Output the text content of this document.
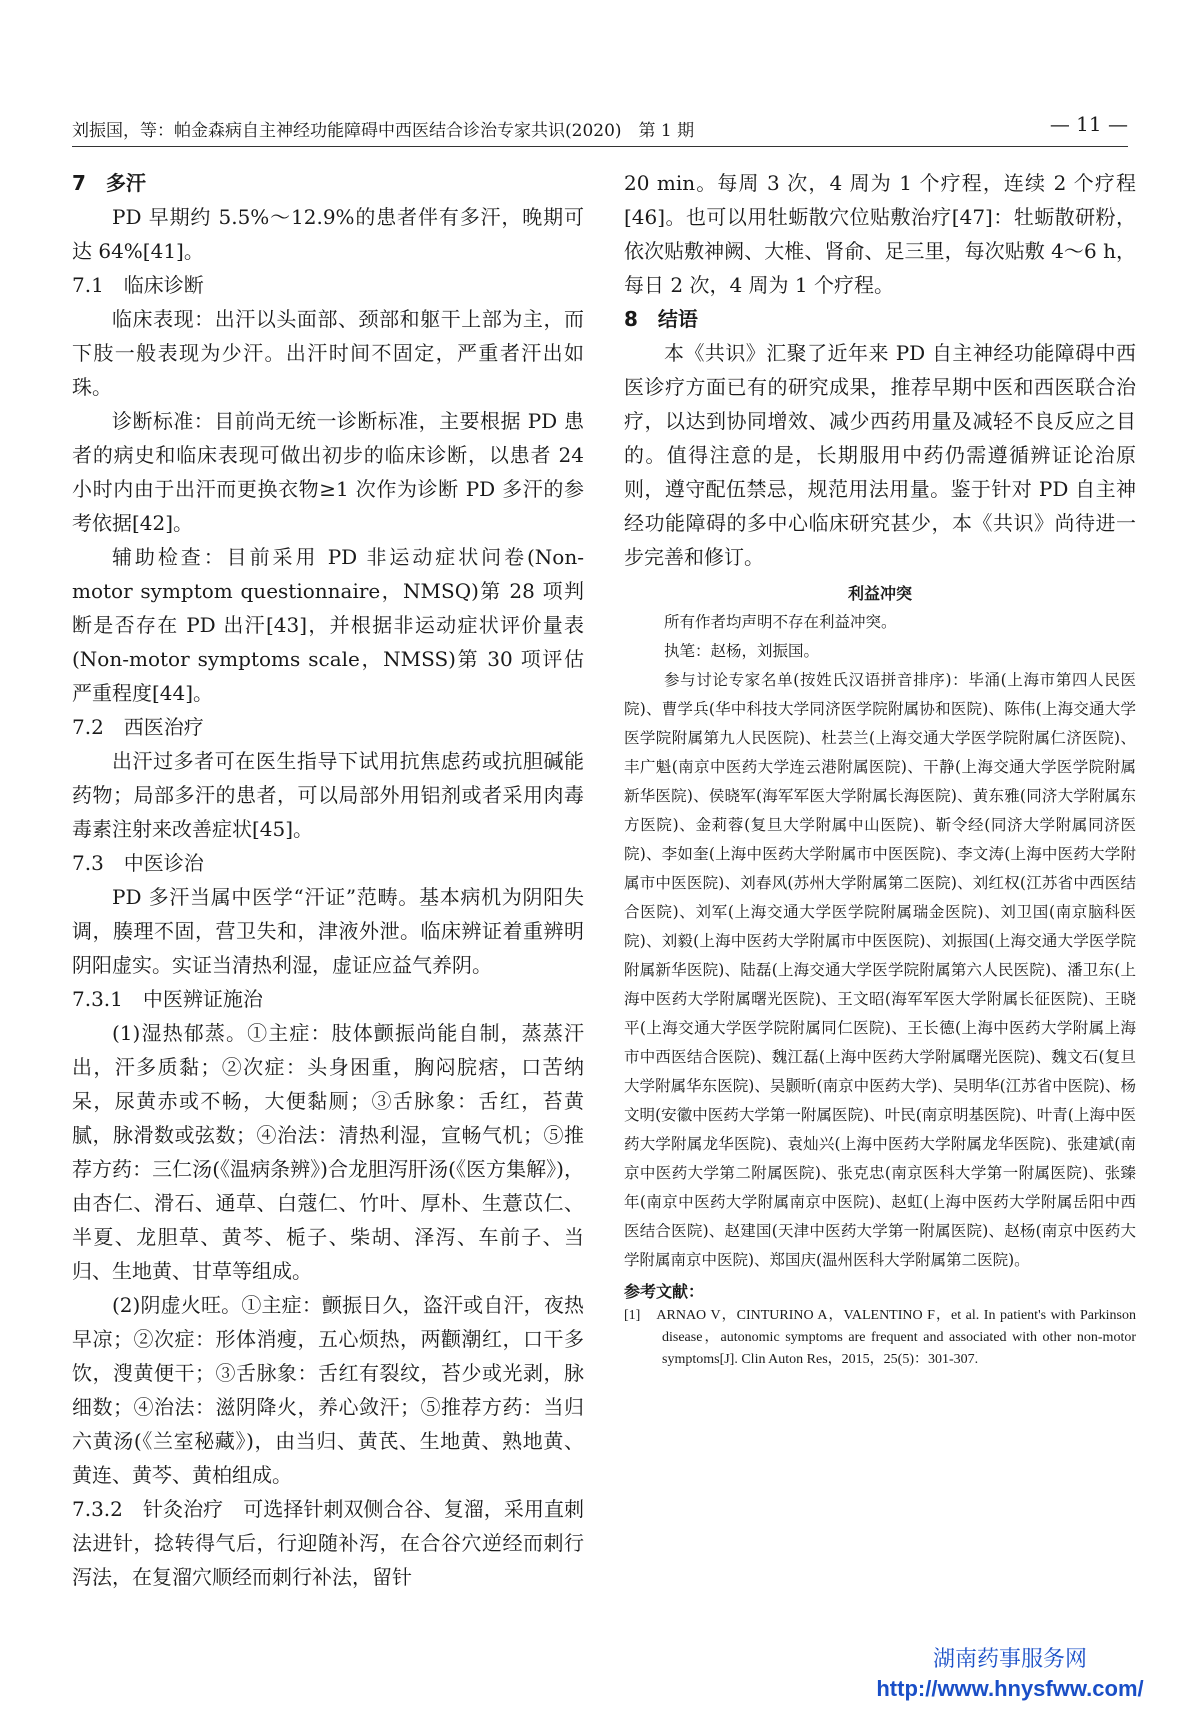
刘振国，等：帕金森病自主神经功能障碍中西医结合诊治专家共识(2020)　第 1 期	— 11 —

7　多汗

PD 早期约 5.5%～12.9%的患者伴有多汗，晚期可达 64%[41]。

7.1　临床诊断

临床表现：出汗以头面部、颈部和躯干上部为主，而下肢一般表现为少汗。出汗时间不固定，严重者汗出如珠。

诊断标准：目前尚无统一诊断标准，主要根据 PD 患者的病史和临床表现可做出初步的临床诊断，以患者 24 小时内由于出汗而更换衣物≥1 次作为诊断 PD 多汗的参考依据[42]。

辅助检查：目前采用 PD 非运动症状问卷(Non-motor symptom questionnaire，NMSQ)第 28 项判断是否存在 PD 出汗[43]，并根据非运动症状评价量表(Non-motor symptoms scale，NMSS)第 30 项评估严重程度[44]。

7.2　西医治疗

出汗过多者可在医生指导下试用抗焦虑药或抗胆碱能药物；局部多汗的患者，可以局部外用铝剂或者采用肉毒毒素注射来改善症状[45]。

7.3　中医诊治

PD 多汗当属中医学“汗证”范畴。基本病机为阴阳失调，腠理不固，营卫失和，津液外泄。临床辨证着重辨明阴阳虚实。实证当清热利湿，虚证应益气养阴。

7.3.1　中医辨证施治

(1)湿热郁蒸。①主症：肢体颤振尚能自制，蒸蒸汗出，汗多质黏；②次症：头身困重，胸闷脘痞，口苦纳呆，尿黄赤或不畅，大便黏厕；③舌脉象：舌红，苔黄腻，脉滑数或弦数；④治法：清热利湿，宣畅气机；⑤推荐方药：三仁汤(《温病条辨》)合龙胆泻肝汤(《医方集解》)，由杏仁、滑石、通草、白蔻仁、竹叶、厚朴、生薏苡仁、半夏、龙胆草、黄芩、栀子、柴胡、泽泻、车前子、当归、生地黄、甘草等组成。

(2)阴虚火旺。①主症：颤振日久，盗汗或自汗，夜热早凉；②次症：形体消瘦，五心烦热，两颧潮红，口干多饮，溲黄便干；③舌脉象：舌红有裂纹，苔少或光剥，脉细数；④治法：滋阴降火，养心敛汗；⑤推荐方药：当归六黄汤(《兰室秘藏》)，由当归、黄芪、生地黄、熟地黄、黄连、黄芩、黄柏组成。

7.3.2　针灸治疗　可选择针刺双侧合谷、复溜，采用直刺法进针，捻转得气后，行迎随补泻，在合谷穴逆经而刺行泻法，在复溜穴顺经而刺行补法，留针

20 min。每周 3 次，4 周为 1 个疗程，连续 2 个疗程[46]。也可以用牡蛎散穴位贴敷治疗[47]：牡蛎散研粉，依次贴敷神阙、大椎、肾俞、足三里，每次贴敷 4～6 h，每日 2 次，4 周为 1 个疗程。

8　结语

本《共识》汇聚了近年来 PD 自主神经功能障碍中西医诊疗方面已有的研究成果，推荐早期中医和西医联合治疗，以达到协同增效、减少西药用量及减轻不良反应之目的。值得注意的是，长期服用中药仍需遵循辨证论治原则，遵守配伍禁忌，规范用法用量。鉴于针对 PD 自主神经功能障碍的多中心临床研究甚少，本《共识》尚待进一步完善和修订。

利益冲突

所有作者均声明不存在利益冲突。

执笔：赵杨，刘振国。

参与讨论专家名单(按姓氏汉语拼音排序)：毕涌(上海市第四人民医院)、曹学兵(华中科技大学同济医学院附属协和医院)、陈伟(上海交通大学医学院附属第九人民医院)、杜芸兰(上海交通大学医学院附属仁济医院)、丰广魁(南京中医药大学连云港附属医院)、干静(上海交通大学医学院附属新华医院)、侯晓军(海军军医大学附属长海医院)、黄东雅(同济大学附属东方医院)、金莉蓉(复旦大学附属中山医院)、靳令经(同济大学附属同济医院)、李如奎(上海中医药大学附属市中医医院)、李文涛(上海中医药大学附属市中医医院)、刘春风(苏州大学附属第二医院)、刘红权(江苏省中西医结合医院)、刘军(上海交通大学医学院附属瑞金医院)、刘卫国(南京脑科医院)、刘毅(上海中医药大学附属市中医医院)、刘振国(上海交通大学医学院附属新华医院)、陆磊(上海交通大学医学院附属第六人民医院)、潘卫东(上海中医药大学附属曙光医院)、王文昭(海军军医大学附属长征医院)、王晓平(上海交通大学医学院附属同仁医院)、王长德(上海中医药大学附属上海市中西医结合医院)、魏江磊(上海中医药大学附属曙光医院)、魏文石(复旦大学附属华东医院)、吴颢昕(南京中医药大学)、吴明华(江苏省中医院)、杨文明(安徽中医药大学第一附属医院)、叶民(南京明基医院)、叶青(上海中医药大学附属龙华医院)、袁灿兴(上海中医药大学附属龙华医院)、张建斌(南京中医药大学第二附属医院)、张克忠(南京医科大学第一附属医院)、张臻年(南京中医药大学附属南京中医院)、赵虹(上海中医药大学附属岳阳中西医结合医院)、赵建国(天津中医药大学第一附属医院)、赵杨(南京中医药大学附属南京中医院)、郑国庆(温州医科大学附属第二医院)。

参考文献：
[1]　ARNAO V，CINTURINO A，VALENTINO F，et al. In patient's with Parkinson disease，autonomic symptoms are frequent and associated with other non-motor symptoms[J]. Clin Auton Res，2015，25(5)：301-307.
湖南药事服务网
http://www.hnysfww.com/
